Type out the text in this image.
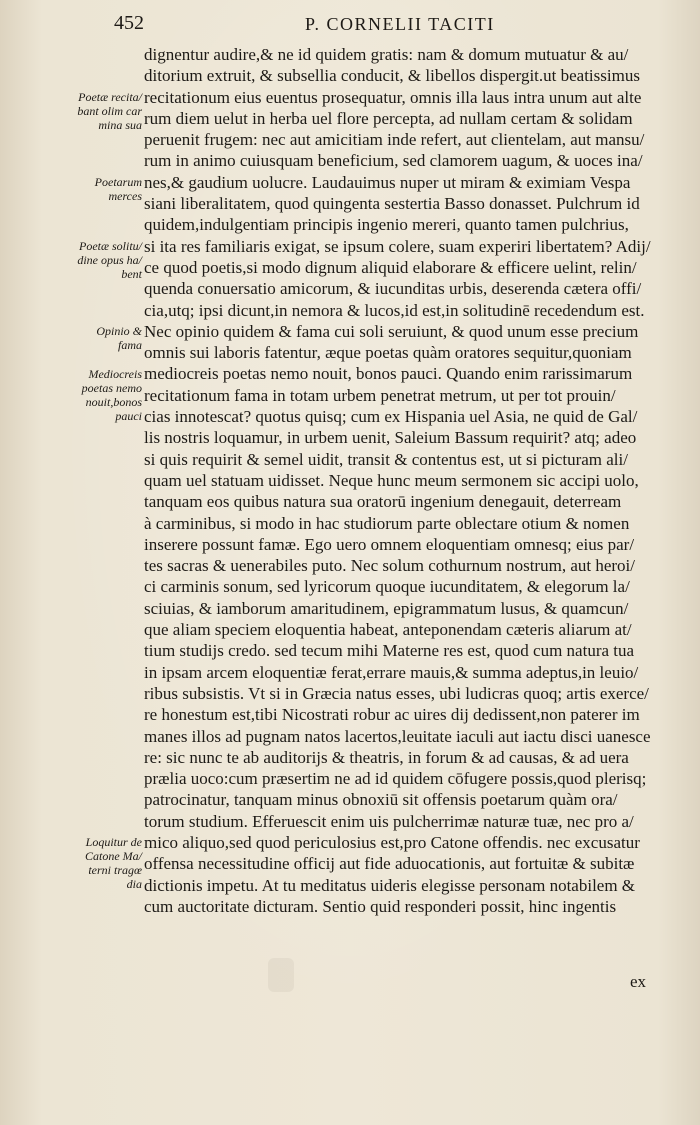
452	P. CORNELII TACITI
Poetæ recita/
bant olim car
mina sua
Poetarum
merces
Poetæ solitu/
dine opus ha/
bent
Opinio &
fama
Mediocreis
poetas nemo
nouit,bonos
pauci
Loquitur de
Catone Ma/
terni tragœ
dia
dignentur audire,& ne id quidem gratis: nam & domum mutuatur & au/
ditorium extruit, & subsellia conducit, & libellos dispergit.ut beatissimus
recitationum eius euentus prosequatur, omnis illa laus intra unum aut alte
rum diem uelut in herba uel flore percepta, ad nullam certam & solidam
peruenit frugem: nec aut amicitiam inde refert, aut clientelam, aut mansu/
rum in animo cuiusquam beneficium, sed clamorem uagum, & uoces ina/
nes,& gaudium uolucre. Laudauimus nuper ut miram & eximiam Vespa
siani liberalitatem, quod quingenta sestertia Basso donasset. Pulchrum id
quidem,indulgentiam principis ingenio mereri, quanto tamen pulchrius,
si ita res familiaris exigat, se ipsum colere, suam experiri libertatem? Adij/
ce quod poetis,si modo dignum aliquid elaborare & efficere uelint, relin/
quenda conuersatio amicorum, & iucunditas urbis, deserenda cætera offi/
cia,utq; ipsi dicunt,in nemora & lucos,id est,in solitudinē recedendum est.
Nec opinio quidem & fama cui soli seruiunt, & quod unum esse precium
omnis sui laboris fatentur, æque poetas quàm oratores sequitur,quoniam
mediocreis poetas nemo nouit, bonos pauci. Quando enim rarissimarum
recitationum fama in totam urbem penetrat metrum, ut per tot prouin/
cias innotescat? quotus quisq; cum ex Hispania uel Asia, ne quid de Gal/
lis nostris loquamur, in urbem uenit, Saleium Bassum requirit? atq; adeo
si quis requirit & semel uidit, transit & contentus est, ut si picturam ali/
quam uel statuam uidisset. Neque hunc meum sermonem sic accipi uolo,
tanquam eos quibus natura sua oratorū ingenium denegauit, deterream
à carminibus, si modo in hac studiorum parte oblectare otium & nomen
inserere possunt famæ. Ego uero omnem eloquentiam omnesq; eius par/
tes sacras & uenerabiles puto. Nec solum cothurnum nostrum, aut heroi/
ci carminis sonum, sed lyricorum quoque iucunditatem, & elegorum la/
sciuias, & iamborum amaritudinem, epigrammatum lusus, & quamcun/
que aliam speciem eloquentia habeat, anteponendam cæteris aliarum at/
tium studijs credo. sed tecum mihi Materne res est, quod cum natura tua
in ipsam arcem eloquentiæ ferat,errare mauis,& summa adeptus,in leuio/
ribus subsistis. Vt si in Græcia natus esses, ubi ludicras quoq; artis exerce/
re honestum est,tibi Nicostrati robur ac uires dij dedissent,non paterer im
manes illos ad pugnam natos lacertos,leuitate iaculi aut iactu disci uanesce
re: sic nunc te ab auditorijs & theatris, in forum & ad causas, & ad uera
prælia uoco:cum præsertim ne ad id quidem cōfugere possis,quod plerisq;
patrocinatur, tanquam minus obnoxiū sit offensis poetarum quàm ora/
torum studium. Efferuescit enim uis pulcherrimæ naturæ tuæ, nec pro a/
mico aliquo,sed quod periculosius est,pro Catone offendis. nec excusatur
offensa necessitudine officij aut fide aduocationis, aut fortuitæ & subitæ
dictionis impetu. At tu meditatus uideris elegisse personam notabilem &
cum auctoritate dicturam. Sentio quid responderi possit, hinc ingentis
ex
